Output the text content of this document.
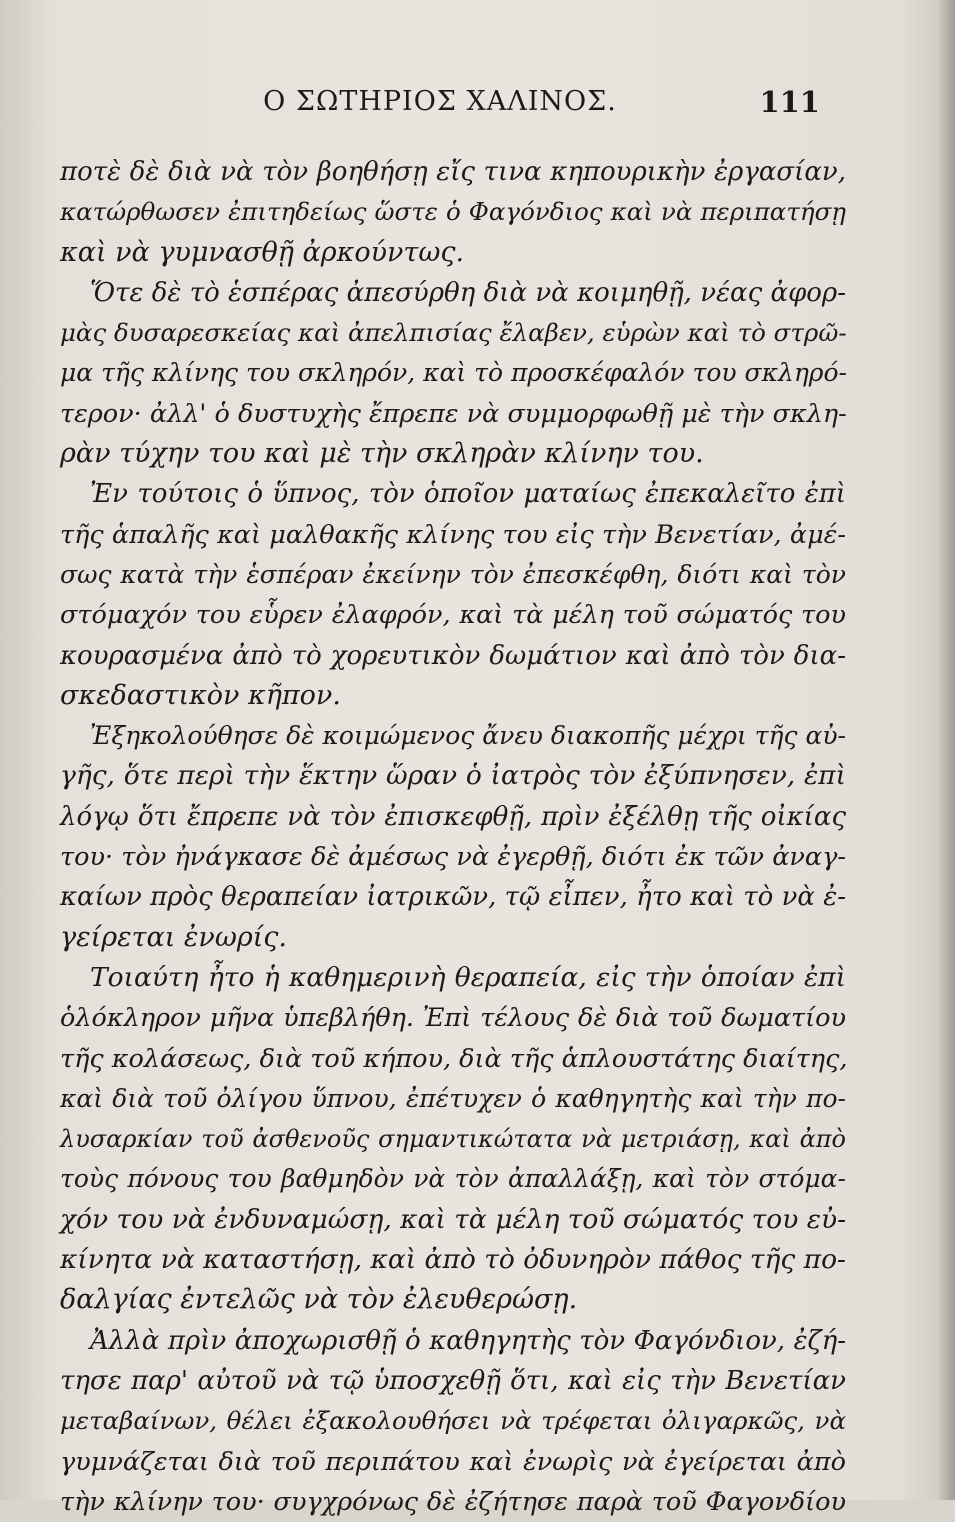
Ο ΣΩΤΗΡΙΟΣ ΧΑΛΙΝΟΣ.	111
ποτὲ δὲ διὰ νὰ τὸν βοηθήσῃ εἴς τινα κηπουρικὴν ἐργασίαν,
κατώρθωσεν ἐπιτηδείως ὥστε ὁ Φαγόνδιος καὶ νὰ περιπατήσῃ
καὶ νὰ γυμνασθῇ ἀρκούντως.
Ὅτε δὲ τὸ ἑσπέρας ἀπεσύρθη διὰ νὰ κοιμηθῇ, νέας ἀφορ-
μὰς δυσαρεσκείας καὶ ἀπελπισίας ἔλαβεν, εὑρὼν καὶ τὸ στρῶ-
μα τῆς κλίνης του σκληρόν, καὶ τὸ προσκέφαλόν του σκληρό-
τερον· ἀλλ' ὁ δυστυχὴς ἔπρεπε νὰ συμμορφωθῇ μὲ τὴν σκλη-
ρὰν τύχην του καὶ μὲ τὴν σκληρὰν κλίνην του.
Ἐν τούτοις ὁ ὕπνος, τὸν ὁποῖον ματαίως ἐπεκαλεῖτο ἐπὶ
τῆς ἁπαλῆς καὶ μαλθακῆς κλίνης του εἰς τὴν Βενετίαν, ἀμέ-
σως κατὰ τὴν ἑσπέραν ἐκείνην τὸν ἐπεσκέφθη, διότι καὶ τὸν
στόμαχόν του εὗρεν ἐλαφρόν, καὶ τὰ μέλη τοῦ σώματός του
κουρασμένα ἀπὸ τὸ χορευτικὸν δωμάτιον καὶ ἀπὸ τὸν δια-
σκεδαστικὸν κῆπον.
Ἐξηκολούθησε δὲ κοιμώμενος ἄνευ διακοπῆς μέχρι τῆς αὐ-
γῆς, ὅτε περὶ τὴν ἕκτην ὥραν ὁ ἰατρὸς τὸν ἐξύπνησεν, ἐπὶ
λόγῳ ὅτι ἔπρεπε νὰ τὸν ἐπισκεφθῇ, πρὶν ἐξέλθῃ τῆς οἰκίας
του· τὸν ἠνάγκασε δὲ ἀμέσως νὰ ἐγερθῇ, διότι ἐκ τῶν ἀναγ-
καίων πρὸς θεραπείαν ἰατρικῶν, τῷ εἶπεν, ἦτο καὶ τὸ νὰ ἐ-
γείρεται ἐνωρίς.
Τοιαύτη ἦτο ἡ καθημερινὴ θεραπεία, εἰς τὴν ὁποίαν ἐπὶ
ὁλόκληρον μῆνα ὑπεβλήθη. Ἐπὶ τέλους δὲ διὰ τοῦ δωματίου
τῆς κολάσεως, διὰ τοῦ κήπου, διὰ τῆς ἁπλουστάτης διαίτης,
καὶ διὰ τοῦ ὀλίγου ὕπνου, ἐπέτυχεν ὁ καθηγητὴς καὶ τὴν πο-
λυσαρκίαν τοῦ ἀσθενοῦς σημαντικώτατα νὰ μετριάσῃ, καὶ ἀπὸ
τοὺς πόνους του βαθμηδὸν νὰ τὸν ἀπαλλάξῃ, καὶ τὸν στόμα-
χόν του νὰ ἐνδυναμώσῃ, καὶ τὰ μέλη τοῦ σώματός του εὐ-
κίνητα νὰ καταστήσῃ, καὶ ἀπὸ τὸ ὀδυνηρὸν πάθος τῆς πο-
δαλγίας ἐντελῶς νὰ τὸν ἐλευθερώσῃ.
Ἀλλὰ πρὶν ἀποχωρισθῇ ὁ καθηγητὴς τὸν Φαγόνδιον, ἐζή-
τησε παρ' αὐτοῦ νὰ τῷ ὑποσχεθῇ ὅτι, καὶ εἰς τὴν Βενετίαν
μεταβαίνων, θέλει ἐξακολουθήσει νὰ τρέφεται ὀλιγαρκῶς, νὰ
γυμνάζεται διὰ τοῦ περιπάτου καὶ ἐνωρὶς νὰ ἐγείρεται ἀπὸ
τὴν κλίνην του· συγχρόνως δὲ ἐζήτησε παρὰ τοῦ Φαγονδίου
